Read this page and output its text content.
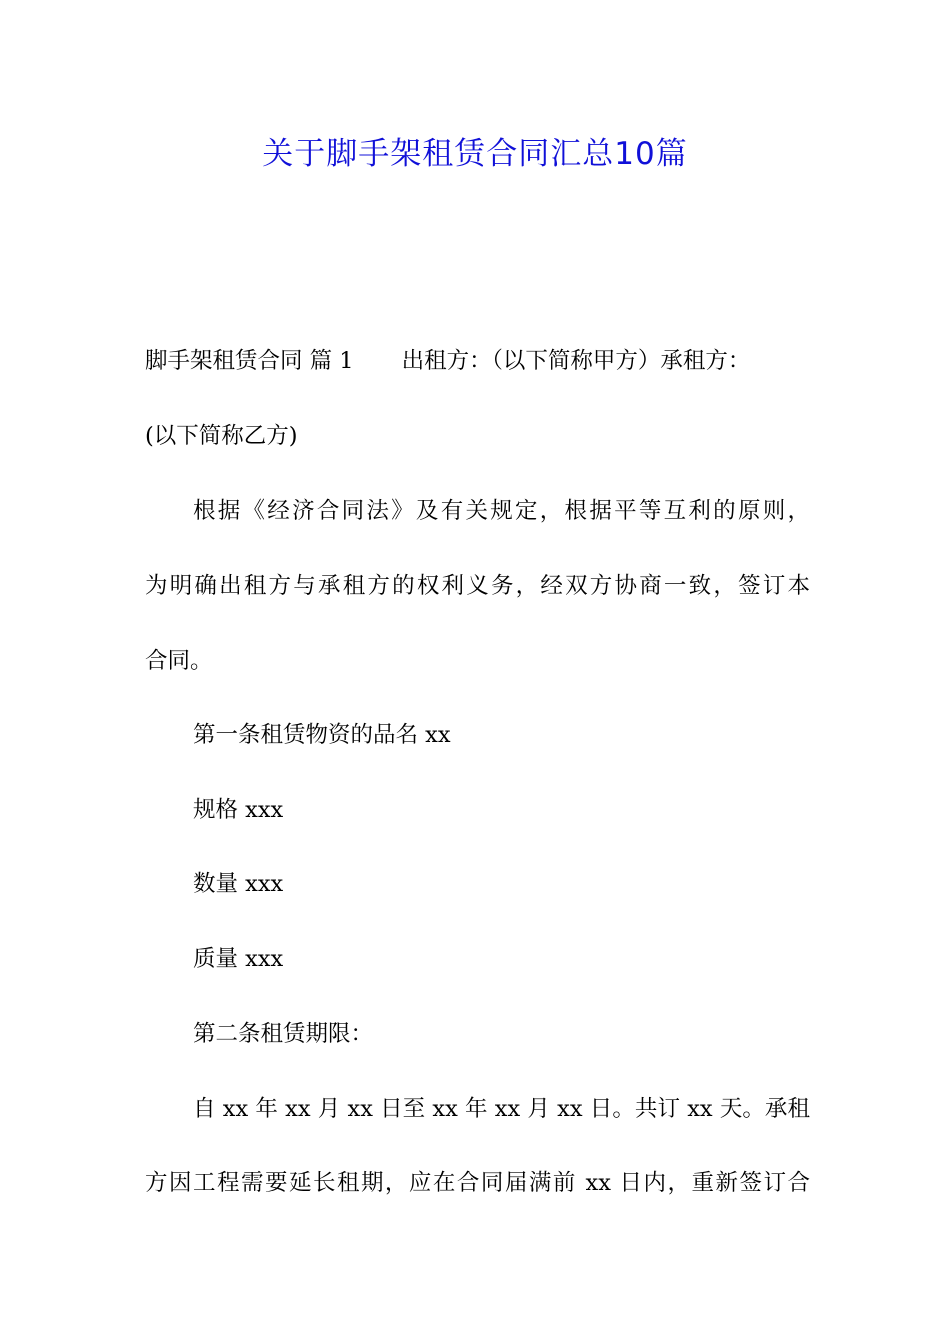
关于脚手架租赁合同汇总10篇
脚手架租赁合同 篇 1 出租方：（以下简称甲方）承租方：
(以下简称乙方)
根据《经济合同法》及有关规定，根据平等互利的原则，
为明确出租方与承租方的权利义务，经双方协商一致，签订本
合同。
第一条租赁物资的品名 xx
规格 xxx
数量 xxx
质量 xxx
第二条租赁期限：
自 xx 年 xx 月 xx 日至 xx 年 xx 月 xx 日。共订 xx 天。承租
方因工程需要延长租期，应在合同届满前 xx 日内，重新签订合
